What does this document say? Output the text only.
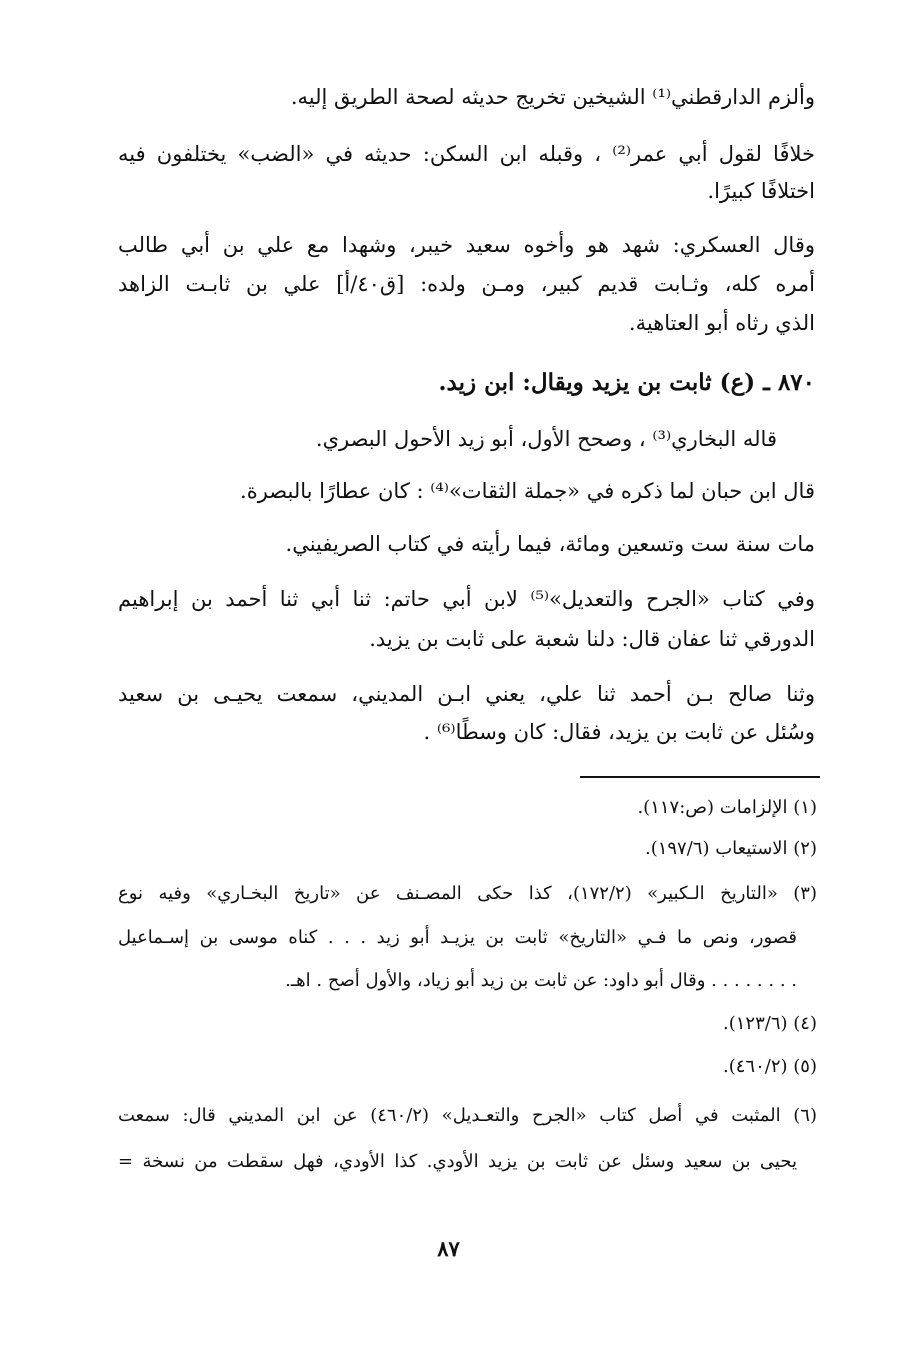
وألزم الدارقطني⁽¹⁾ الشيخين تخريج حديثه لصحة الطريق إليه.
خلافًا لقول أبي عمر⁽²⁾ ، وقبله ابن السكن: حديثه في «الضب» يختلفون فيه
اختلافًا كبيرًا.
وقال العسكري: شهد هو وأخوه سعيد خيبر، وشهدا مع علي بن أبي طالب
أمره كله، وثـابت قديم كبير، ومـن ولده: [ق٤٠/أ] علي بن ثابـت الزاهد
الذي رثاه أبو العتاهية.
٨٧٠ ـ (ع) ثابت بن يزيد ويقال: ابن زيد.
قاله البخاري⁽³⁾ ، وصحح الأول، أبو زيد الأحول البصري.
قال ابن حبان لما ذكره في «جملة الثقات»⁽⁴⁾ : كان عطارًا بالبصرة.
مات سنة ست وتسعين ومائة، فيما رأيته في كتاب الصريفيني.
وفي كتاب «الجرح والتعديل»⁽⁵⁾ لابن أبي حاتم: ثنا أبي ثنا أحمد بن إبراهيم
الدورقي ثنا عفان قال: دلنا شعبة على ثابت بن يزيد.
وثنا صالح بـن أحمد ثنا علي، يعني ابـن المديني، سمعت يحيـى بن سعيد
وسُئل عن ثابت بن يزيد، فقال: كان وسطًا⁽⁶⁾ .
(١) الإلزامات (ص:١١٧).
(٢) الاستيعاب (١٩٧/٦).
(٣) «التاريخ الـكبير» (١٧٢/٢)، كذا حكى المصـنف عن «تاريخ البخـاري» وفيه نوع
قصور، ونص ما فـي «التاريخ» ثابت بن يزيـد أبو زيد . . . كناه موسى بن إسـماعيل
. . . . . . . . وقال أبو داود: عن ثابت بن زيد أبو زياد، والأول أصح . اهـ.
(٤) (١٢٣/٦).
(٥) (٤٦٠/٢).
(٦) المثبت في أصل كتاب «الجرح والتعـديل» (٤٦٠/٢) عن ابن المديني قال: سمعت
يحيى بن سعيد وسئل عن ثابت بن يزيد الأودي. كذا الأودي، فهل سقطت من نسخة =
٨٧
